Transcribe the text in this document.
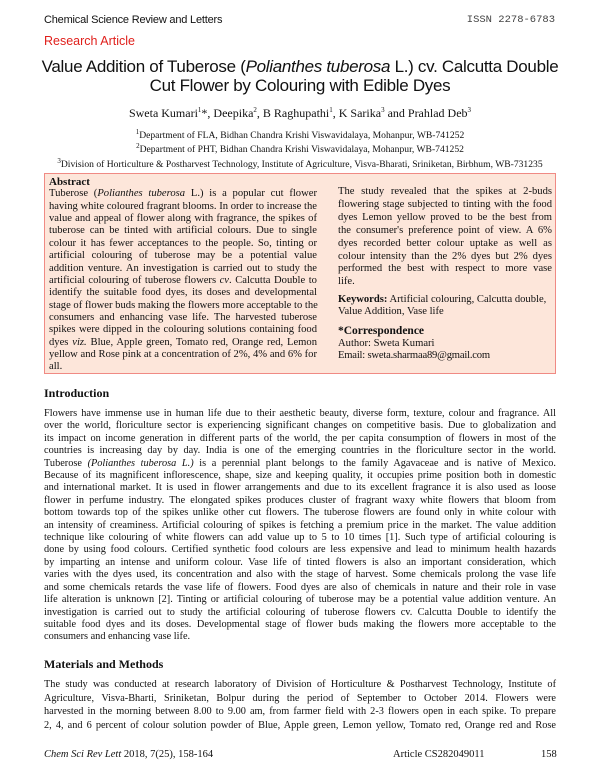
Chemical Science Review and Letters	ISSN 2278-6783
Research Article
Value Addition of Tuberose (Polianthes tuberosa L.) cv. Calcutta Double
Cut Flower by Colouring with Edible Dyes
Sweta Kumari$^1$*, Deepika$^2$, B Raghupathi$^1$, K Sarika$^3$ and Prahlad Deb$^3$
$^1$Department of FLA, Bidhan Chandra Krishi Viswavidalaya, Mohanpur, WB-741252
$^2$Department of PHT, Bidhan Chandra Krishi Viswavidalaya, Mohanpur, WB-741252
$^3$Division of Horticulture & Postharvest Technology, Institute of Agriculture, Visva-Bharati, Sriniketan, Birbhum, WB-731235
Abstract
Tuberose (Polianthes tuberosa L.) is a popular cut flower
having white coloured fragrant blooms. In order to increase the
value and appeal of flower along with fragrance, the spikes of
tuberose can be tinted with artificial colours. Due to single
colour it has fewer acceptances to the people. So, tinting or
artificial colouring of tuberose may be a potential value
addition venture. An investigation is carried out to study the
artificial colouring of tuberose flowers cv. Calcutta Double to
identify the suitable food dyes, its doses and developmental
stage of flower buds making the flowers more acceptable to the
consumers and enhancing vase life. The harvested tuberose
spikes were dipped in the colouring solutions containing food
dyes viz. Blue, Apple green, Tomato red, Orange red, Lemon
yellow and Rose pink at a concentration of 2%, 4% and 6% for
all.
The study revealed that the spikes at 2-buds
flowering stage subjected to tinting with the food
dyes Lemon yellow proved to be the best from
the consumer's preference point of view. A 6%
dyes recorded better colour uptake as well as
colour intensity than the 2% dyes but 2% dyes
performed the best with respect to more vase
life.
Keywords: Artificial colouring, Calcutta double, Value Addition, Vase life
*Correspondence
Author: Sweta Kumari
Email: sweta.sharmaa89@gmail.com
Introduction
Flowers have immense use in human life due to their aesthetic beauty, diverse form, texture, colour and fragrance. All
over the world, floriculture sector is experiencing significant changes on competitive basis. Due to globalization and
its impact on income generation in different parts of the world, the per capita consumption of flowers in most of the
countries is increasing day by day. India is one of the emerging countries in the floriculture sector in the world.
Tuberose (Polianthes tuberosa L.) is a perennial plant belongs to the family Agavaceae and is native of Mexico.
Because of its magnificent inflorescence, shape, size and keeping quality, it occupies prime position both in domestic
and international market. It is used in flower arrangements and due to its excellent fragrance it is also used as loose
flower in perfume industry. The elongated spikes produces cluster of fragrant waxy white flowers that bloom from
bottom towards top of the spikes unlike other cut flowers. The tuberose flowers are found only in white colour with
an intensity of creaminess. Artificial colouring of spikes is fetching a premium price in the market. The value addition
technique like colouring of white flowers can add value up to 5 to 10 times [1]. Such type of artificial colouring is
done by using food colours. Certified synthetic food colours are less expensive and lead to minimum health hazards
by imparting an intense and uniform colour. Vase life of tinted flowers is also an important consideration, which
varies with the dyes used, its concentration and also with the stage of harvest. Some chemicals prolong the vase life
and some chemicals retards the vase life of flowers. Food dyes are also of chemicals in nature and their role in vase
life alteration is unknown [2]. Tinting or artificial colouring of tuberose may be a potential value addition venture. An
investigation is carried out to study the artificial colouring of tuberose flowers cv. Calcutta Double to identify the
suitable food dyes and its doses. Developmental stage of flower buds making the flowers more acceptable to the
consumers and enhancing vase life.
Materials and Methods
The study was conducted at research laboratory of Division of Horticulture & Postharvest Technology, Institute of
Agriculture, Visva-Bharti, Sriniketan, Bolpur during the period of September to October 2014. Flowers were
harvested in the morning between 8.00 to 9.00 am, from farmer field with 2-3 flowers open in each spike. To prepare
2, 4, and 6 percent of colour solution powder of Blue, Apple green, Lemon yellow, Tomato red, Orange red and Rose
Chem Sci Rev Lett 2018, 7(25), 158-164	Article CS282049011	158
